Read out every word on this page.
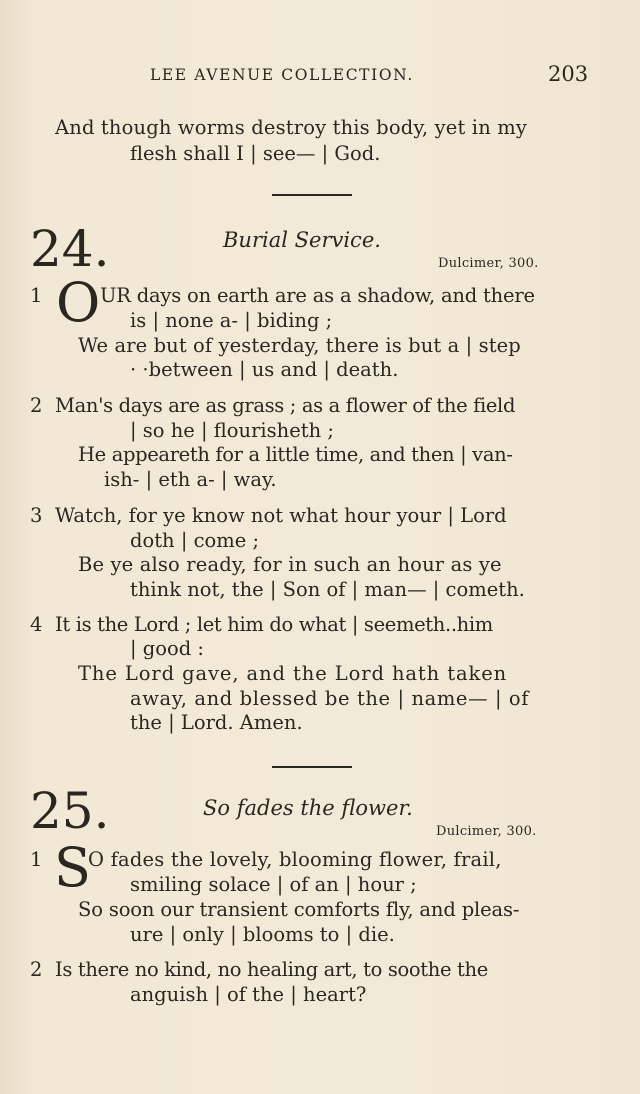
LEE AVENUE COLLECTION.	203
And though worms destroy this body, yet in my
flesh shall I | see— | God.
24.	Burial Service.
Dulcimer, 300.
1 O UR days on earth are as a shadow, and there
is | none a- | biding ;
We are but of yesterday, there is but a | step
· ·between | us and | death.
2 Man's days are as grass ; as a flower of the field
| so he | flourisheth ;
He appeareth for a little time, and then | van-
ish- | eth a- | way.
3 Watch, for ye know not what hour your | Lord
doth | come ;
Be ye also ready, for in such an hour as ye
think not, the | Son of | man— | cometh.
4 It is the Lord ; let him do what | seemeth..him
| good :
The Lord gave, and the Lord hath taken
away, and blessed be the | name— | of
the | Lord. Amen.
25.	So fades the flower.
Dulcimer, 300.
1 S
O fades the lovely, blooming flower, frail,
smiling solace | of an | hour ;
So soon our transient comforts fly, and pleas-
ure | only | blooms to | die.
2 Is there no kind, no healing art, to soothe the
anguish | of the | heart?
